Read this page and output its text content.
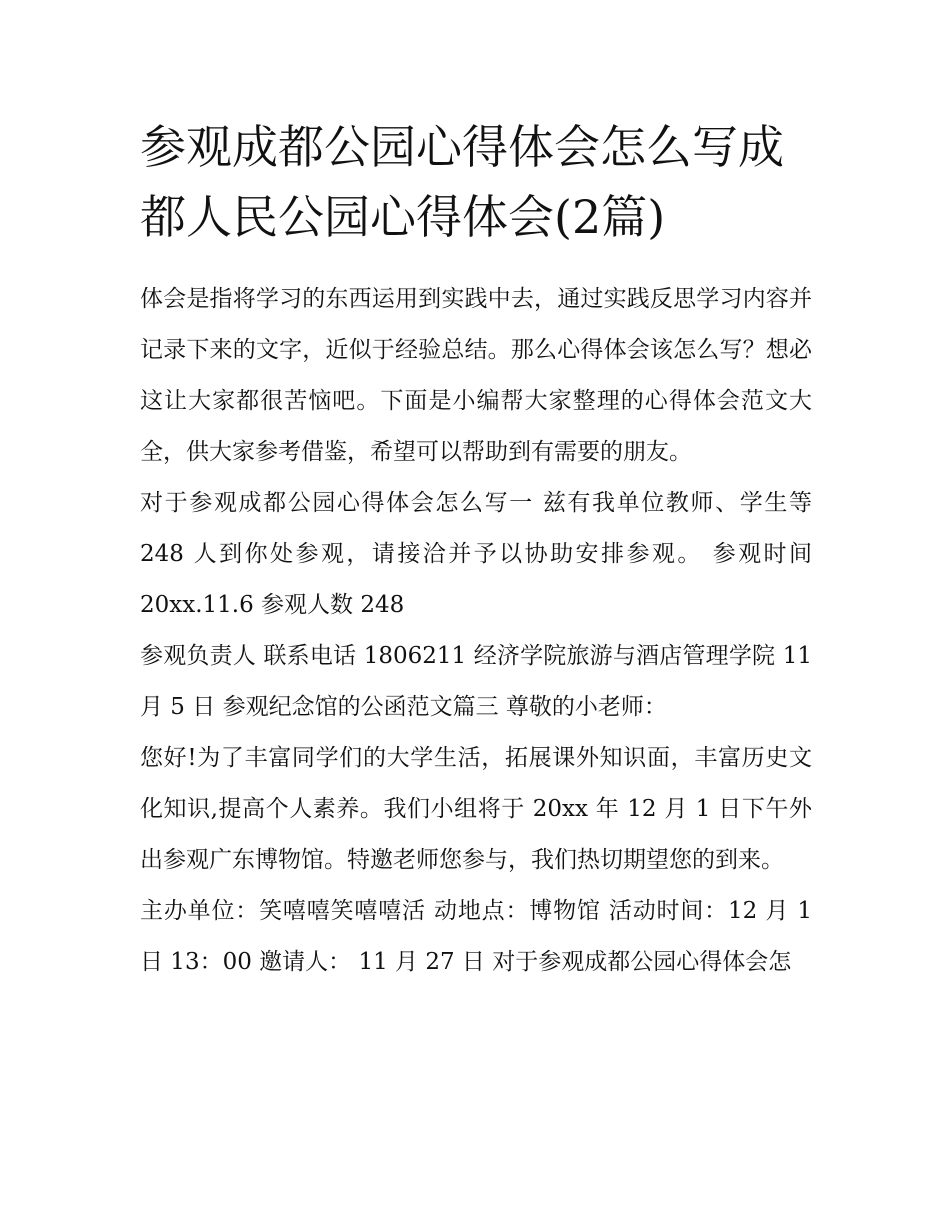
参观成都公园心得体会怎么写成都人民公园心得体会(2篇)

体会是指将学习的东西运用到实践中去，通过实践反思学习内容并记录下来的文字，近似于经验总结。那么心得体会该怎么写？想必这让大家都很苦恼吧。下面是小编帮大家整理的心得体会范文大全，供大家参考借鉴，希望可以帮助到有需要的朋友。

对于参观成都公园心得体会怎么写一 兹有我单位教师、学生等 248 人到你处参观，请接洽并予以协助安排参观。 参观时间 20xx.11.6 参观人数 248

参观负责人 联系电话 1806211 经济学院旅游与酒店管理学院 11 月 5 日 参观纪念馆的公函范文篇三 尊敬的小老师：

您好!为了丰富同学们的大学生活，拓展课外知识面，丰富历史文化知识,提高个人素养。我们小组将于 20xx 年 12 月 1 日下午外出参观广东博物馆。特邀老师您参与，我们热切期望您的到来。

主办单位：笑嘻嘻笑嘻嘻活 动地点：博物馆 活动时间：12 月 1 日 13：00 邀请人： 11 月 27 日 对于参观成都公园心得体会怎
